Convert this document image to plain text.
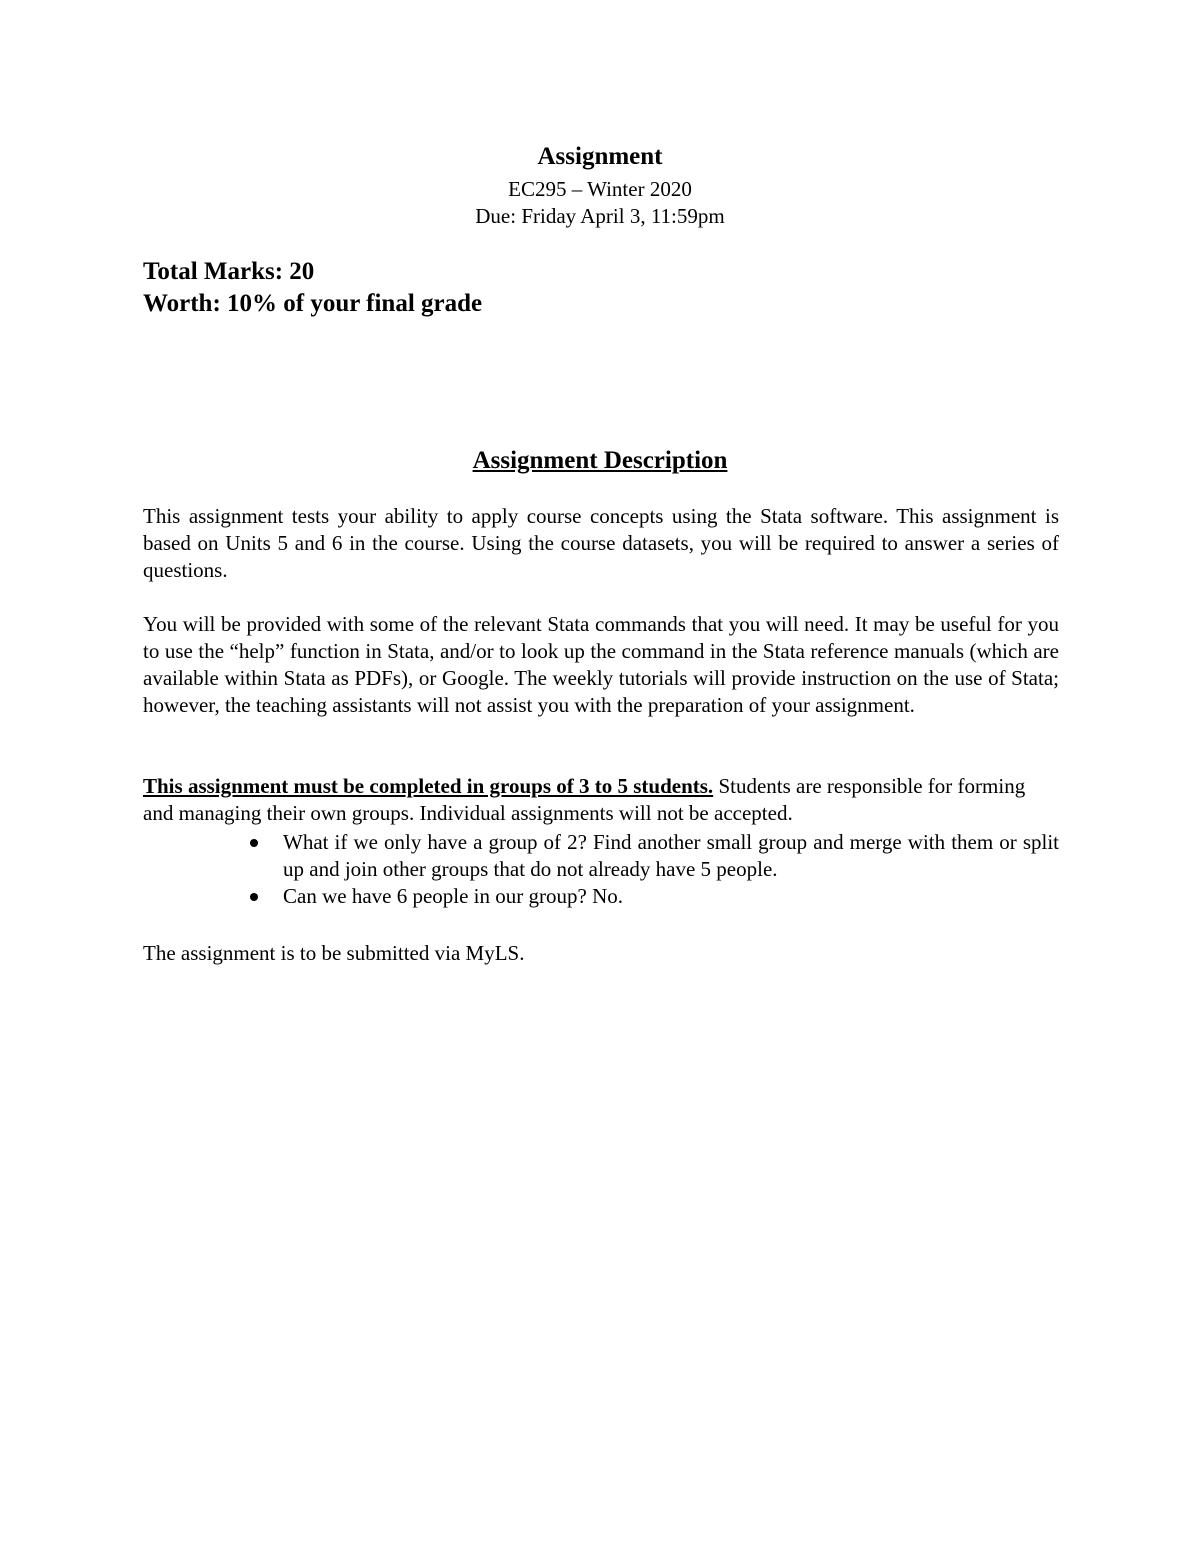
Assignment
EC295 – Winter 2020
Due: Friday April 3, 11:59pm
Total Marks: 20
Worth: 10% of your final grade
Assignment Description

This assignment tests your ability to apply course concepts using the Stata software. This assignment is based on Units 5 and 6 in the course. Using the course datasets, you will be required to answer a series of questions.

You will be provided with some of the relevant Stata commands that you will need. It may be useful for you to use the “help” function in Stata, and/or to look up the command in the Stata reference manuals (which are available within Stata as PDFs), or Google. The weekly tutorials will provide instruction on the use of Stata; however, the teaching assistants will not assist you with the preparation of your assignment.

This assignment must be completed in groups of 3 to 5 students. Students are responsible for forming and managing their own groups. Individual assignments will not be accepted.

What if we only have a group of 2? Find another small group and merge with them or split up and join other groups that do not already have 5 people.
Can we have 6 people in our group? No.

The assignment is to be submitted via MyLS.
